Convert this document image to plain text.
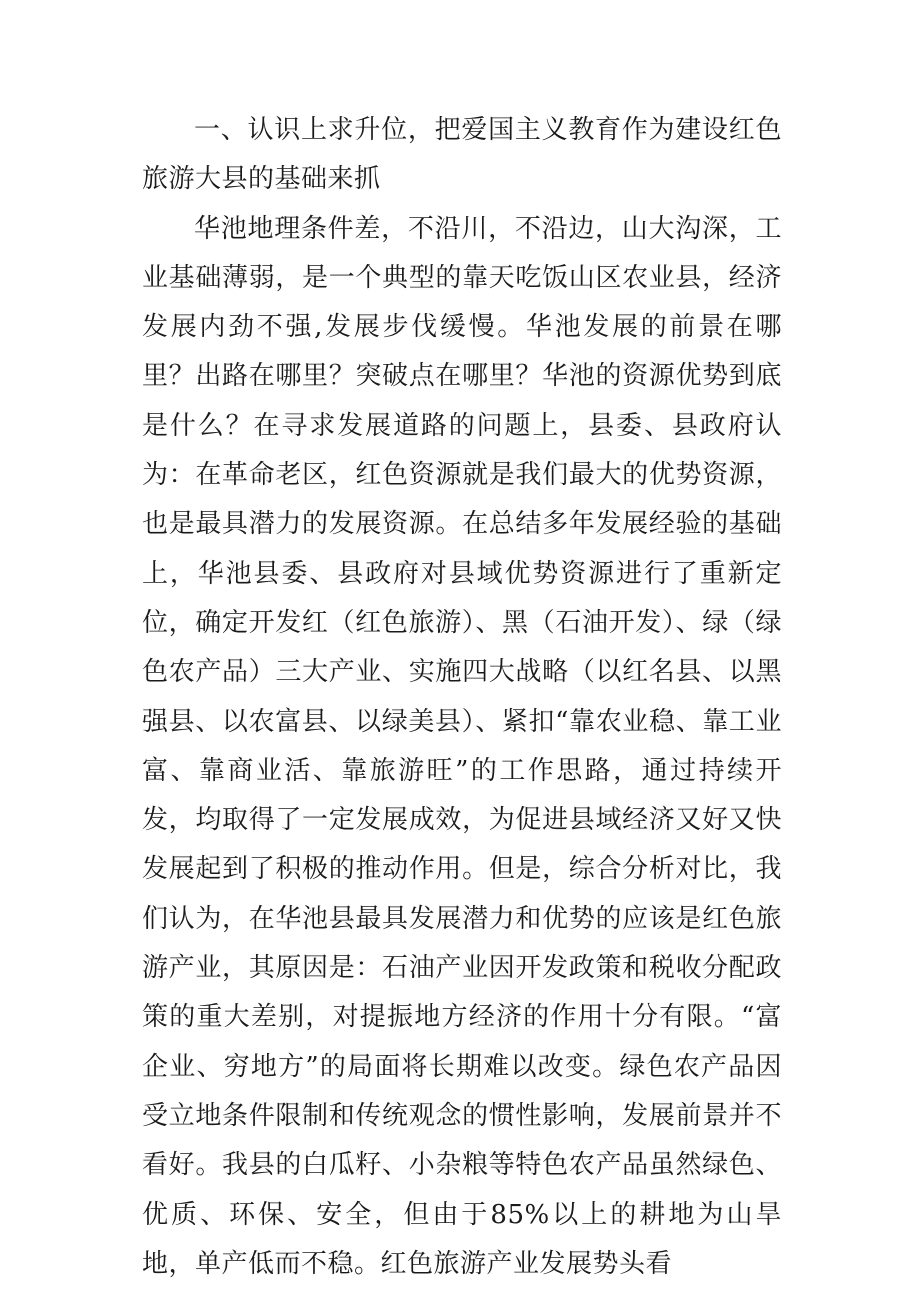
一、认识上求升位，把爱国主义教育作为建设红色旅游大县的基础来抓

华池地理条件差，不沿川，不沿边，山大沟深，工业基础薄弱，是一个典型的靠天吃饭山区农业县，经济发展内劲不强,发展步伐缓慢。华池发展的前景在哪里？出路在哪里？突破点在哪里？华池的资源优势到底是什么？在寻求发展道路的问题上，县委、县政府认为：在革命老区，红色资源就是我们最大的优势资源，也是最具潜力的发展资源。在总结多年发展经验的基础上，华池县委、县政府对县域优势资源进行了重新定位，确定开发红（红色旅游）、黑（石油开发）、绿（绿色农产品）三大产业、实施四大战略（以红名县、以黑强县、以农富县、以绿美县）、紧扣“靠农业稳、靠工业富、靠商业活、靠旅游旺”的工作思路，通过持续开发，均取得了一定发展成效，为促进县域经济又好又快发展起到了积极的推动作用。但是，综合分析对比，我们认为，在华池县最具发展潜力和优势的应该是红色旅游产业，其原因是：石油产业因开发政策和税收分配政策的重大差别，对提振地方经济的作用十分有限。“富企业、穷地方”的局面将长期难以改变。绿色农产品因受立地条件限制和传统观念的惯性影响，发展前景并不看好。我县的白瓜籽、小杂粮等特色农产品虽然绿色、优质、环保、安全，但由于85%以上的耕地为山旱地，单产低而不稳。红色旅游产业发展势头看
